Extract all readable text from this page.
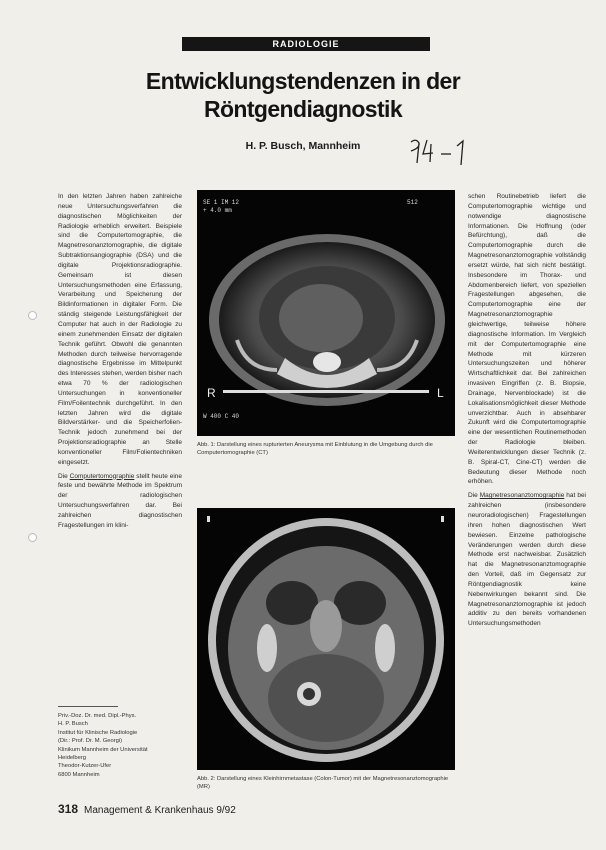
RADIOLOGIE
Entwicklungstendenzen in der
Röntgendiagnostik
H. P. Busch, Mannheim

In den letzten Jahren haben zahlreiche neue Untersuchungsverfahren die diagnostischen Möglichkeiten der Radiologie erheblich erweitert. Beispiele sind die Computertomographie, die Magnetresonanztomographie, die digitale Subtraktionsangiographie (DSA) und die digitale Projektionsradiographie. Gemeinsam ist diesen Untersuchungsmethoden eine Erfassung, Verarbeitung und Speicherung der Bildinformationen in digitaler Form. Die ständig steigende Leistungsfähigkeit der Computer hat auch in der Radiologie zu einem zunehmenden Einsatz der digitalen Technik geführt. Obwohl die genannten Methoden durch teilweise hervorragende diagnostische Ergebnisse im Mittelpunkt des Interesses stehen, werden bisher nach etwa 70 % der radiologischen Untersuchungen in konventioneller Film/Foilentechnik durchgeführt. In den letzten Jahren wird die digitale Bildverstärker- und die Speicherfolien-Technik jedoch zunehmend bei der Projektionsradiographie an Stelle konventioneller Film/Folientechniken eingesetzt.

Die Computertomographie stellt heute eine feste und bewährte Methode im Spektrum der radiologischen Untersuchungsverfahren dar. Bei zahlreichen diagnostischen Fragestellungen im klini-

schen Routinebetrieb liefert die Computertomographie wichtige und notwendige diagnostische Informationen. Die Hoffnung (oder Befürchtung), daß die Computertomographie durch die Magnetresonanztomographie vollständig ersetzt würde, hat sich nicht bestätigt. Insbesondere im Thorax- und Abdomenbereich liefert, von speziellen Fragestellungen abgesehen, die Computertomographie eine der Magnetresonanztomographie gleichwertige, teilweise höhere diagnostische Information. Im Vergleich mit der Computertomographie eine Methode mit kürzeren Untersuchungszeiten und höherer Wirtschaftlichkeit dar. Bei zahlreichen invasiven Eingriffen (z. B. Biopsie, Drainage, Nervenblockade) ist die Lokalisationsmöglichkeit dieser Methode unverzichtbar. Auch in absehbarer Zukunft wird die Computertomographie eine der wesentlichen Routinemethoden der Radiologie bleiben. Weiterentwicklungen dieser Technik (z. B. Spiral-CT, Cine-CT) werden die Bedeutung dieser Methode noch erhöhen.

Die Magnetresonanztomographie hat bei zahlreichen (insbesondere neuroradiologischen) Fragestellungen ihren hohen diagnostischen Wert bewiesen. Einzelne pathologische Veränderungen werden durch diese Methode erst nachweisbar. Zusätzlich hat die Magnetresonanztomographie den Vorteil, daß im Gegensatz zur Röntgendiagnostik keine Nebenwirkungen bekannt sind. Die Magnetresonanztomographie ist jedoch additiv zu den bereits vorhandenen Untersuchungsmethoden

SE 1 IM 12
+ 4.0 mm
512
W 400 C 40
R	L
Abb. 1: Darstellung eines rupturierten Aneurysma mit Einblutung in die Umgebung durch die Computertomographie (CT)
Abb. 2: Darstellung eines Kleinhirnmetastase (Colon-Tumor) mit der Magnetresonanztomographie (MR)
Priv.-Doz. Dr. med. Dipl.-Phys.
H. P. Busch
Institut für Klinische Radiologie
(Dir.: Prof. Dr. M. Georgi)
Klinikum Mannheim der Universität
Heidelberg
Theodor-Kutzer-Ufer
6800 Mannheim
318 Management & Krankenhaus 9/92
